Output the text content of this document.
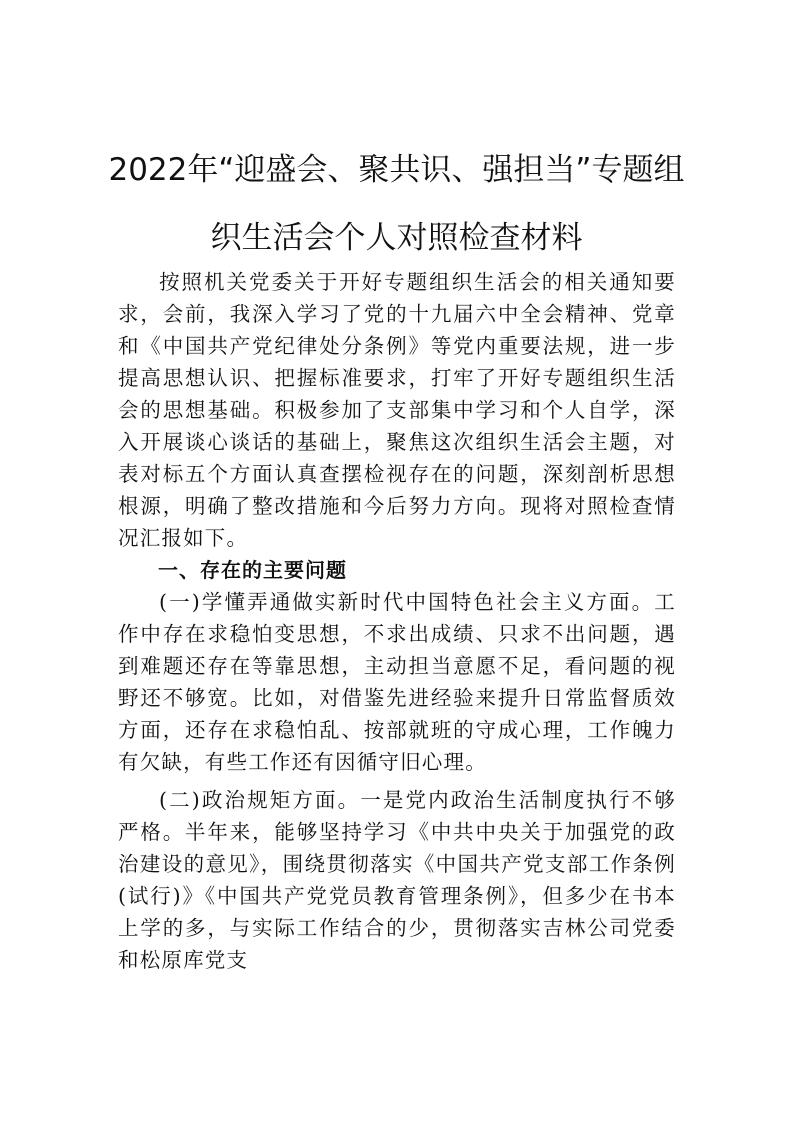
2022年“迎盛会、聚共识、强担当”专题组
织生活会个人对照检查材料

按照机关党委关于开好专题组织生活会的相关通知要求，会前，我深入学习了党的十九届六中全会精神、党章和《中国共产党纪律处分条例》等党内重要法规，进一步提高思想认识、把握标准要求，打牢了开好专题组织生活会的思想基础。积极参加了支部集中学习和个人自学，深入开展谈心谈话的基础上，聚焦这次组织生活会主题，对表对标五个方面认真查摆检视存在的问题，深刻剖析思想根源，明确了整改措施和今后努力方向。现将对照检查情况汇报如下。

一、存在的主要问题

(一)学懂弄通做实新时代中国特色社会主义方面。工作中存在求稳怕变思想，不求出成绩、只求不出问题，遇到难题还存在等靠思想，主动担当意愿不足，看问题的视野还不够宽。比如，对借鉴先进经验来提升日常监督质效方面，还存在求稳怕乱、按部就班的守成心理，工作魄力有欠缺，有些工作还有因循守旧心理。

(二)政治规矩方面。一是党内政治生活制度执行不够严格。半年来，能够坚持学习《中共中央关于加强党的政治建设的意见》，围绕贯彻落实《中国共产党支部工作条例(试行)》《中国共产党党员教育管理条例》，但多少在书本上学的多，与实际工作结合的少，贯彻落实吉林公司党委和松原库党支
